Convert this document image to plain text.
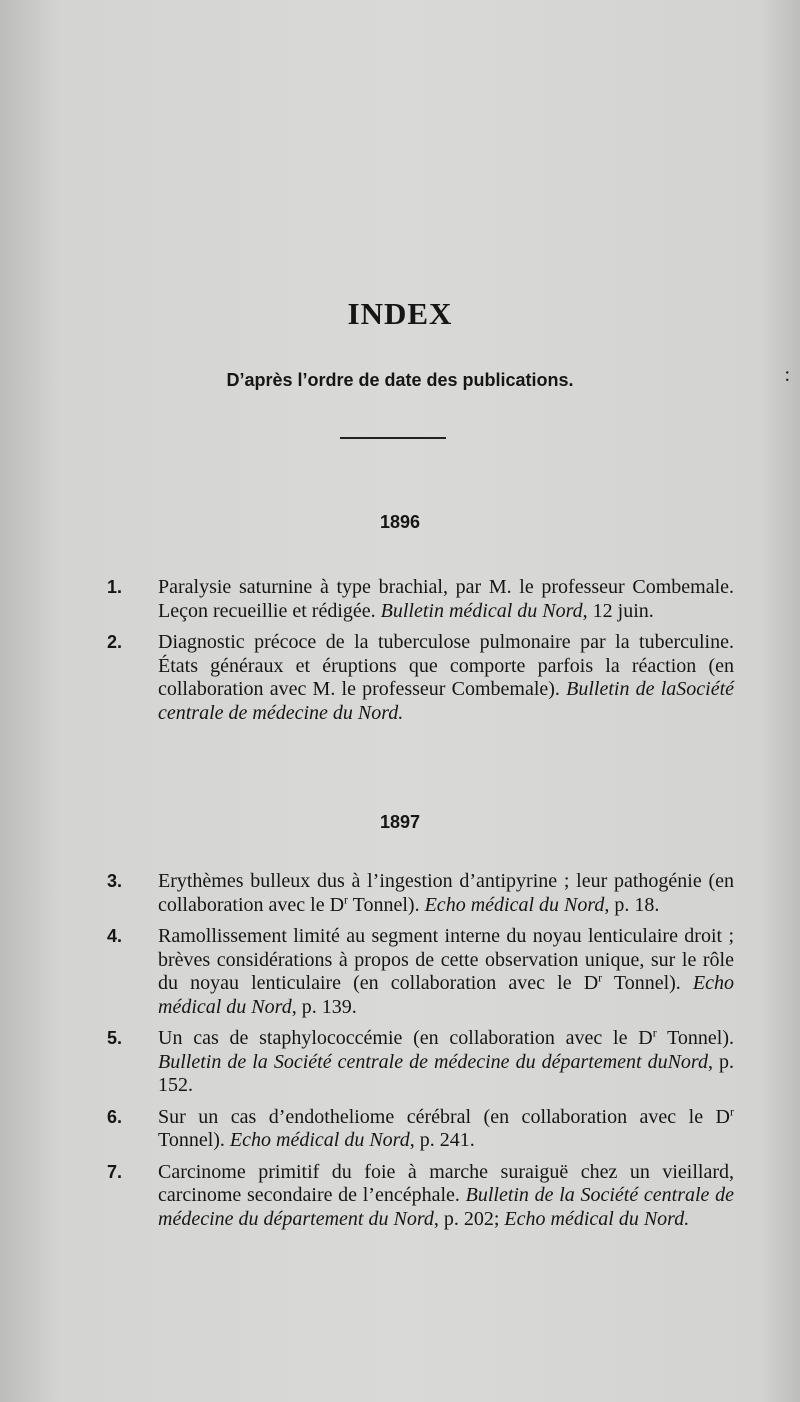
INDEX
D’après l’ordre de date des publications.	:
1896
1. Paralysie saturnine à type brachial, par M. le professeur Combemale. Leçon recueillie et rédigée. Bulletin médical du Nord, 12 juin.
2. Diagnostic précoce de la tuberculose pulmonaire par la tuberculine. États généraux et éruptions que comporte parfois la réaction (en collaboration avec M. le professeur Combemale). Bulletin de laSociété centrale de médecine du Nord.
1897
3. Erythèmes bulleux dus à l’ingestion d’antipyrine ; leur pathogénie (en collaboration avec le $D^r$ Tonnel). Echo médical du Nord, p. 18.
4. Ramollissement limité au segment interne du noyau lenticulaire droit ; brèves considérations à propos de cette observation unique, sur le rôle du noyau lenticulaire (en collaboration avec le $D^r$ Tonnel). Echo médical du Nord, p. 139.
5. Un cas de staphylococcémie (en collaboration avec le $D^r$ Tonnel). Bulletin de la Société centrale de médecine du département duNord, p. 152.
6. Sur un cas d’endotheliome cérébral (en collaboration avec le $D^r$ Tonnel). Echo médical du Nord, p. 241.
7. Carcinome primitif du foie à marche suraiguë chez un vieillard, carcinome secondaire de l’encéphale. Bulletin de la Société centrale de médecine du département du Nord, p. 202; Echo médical du Nord.
